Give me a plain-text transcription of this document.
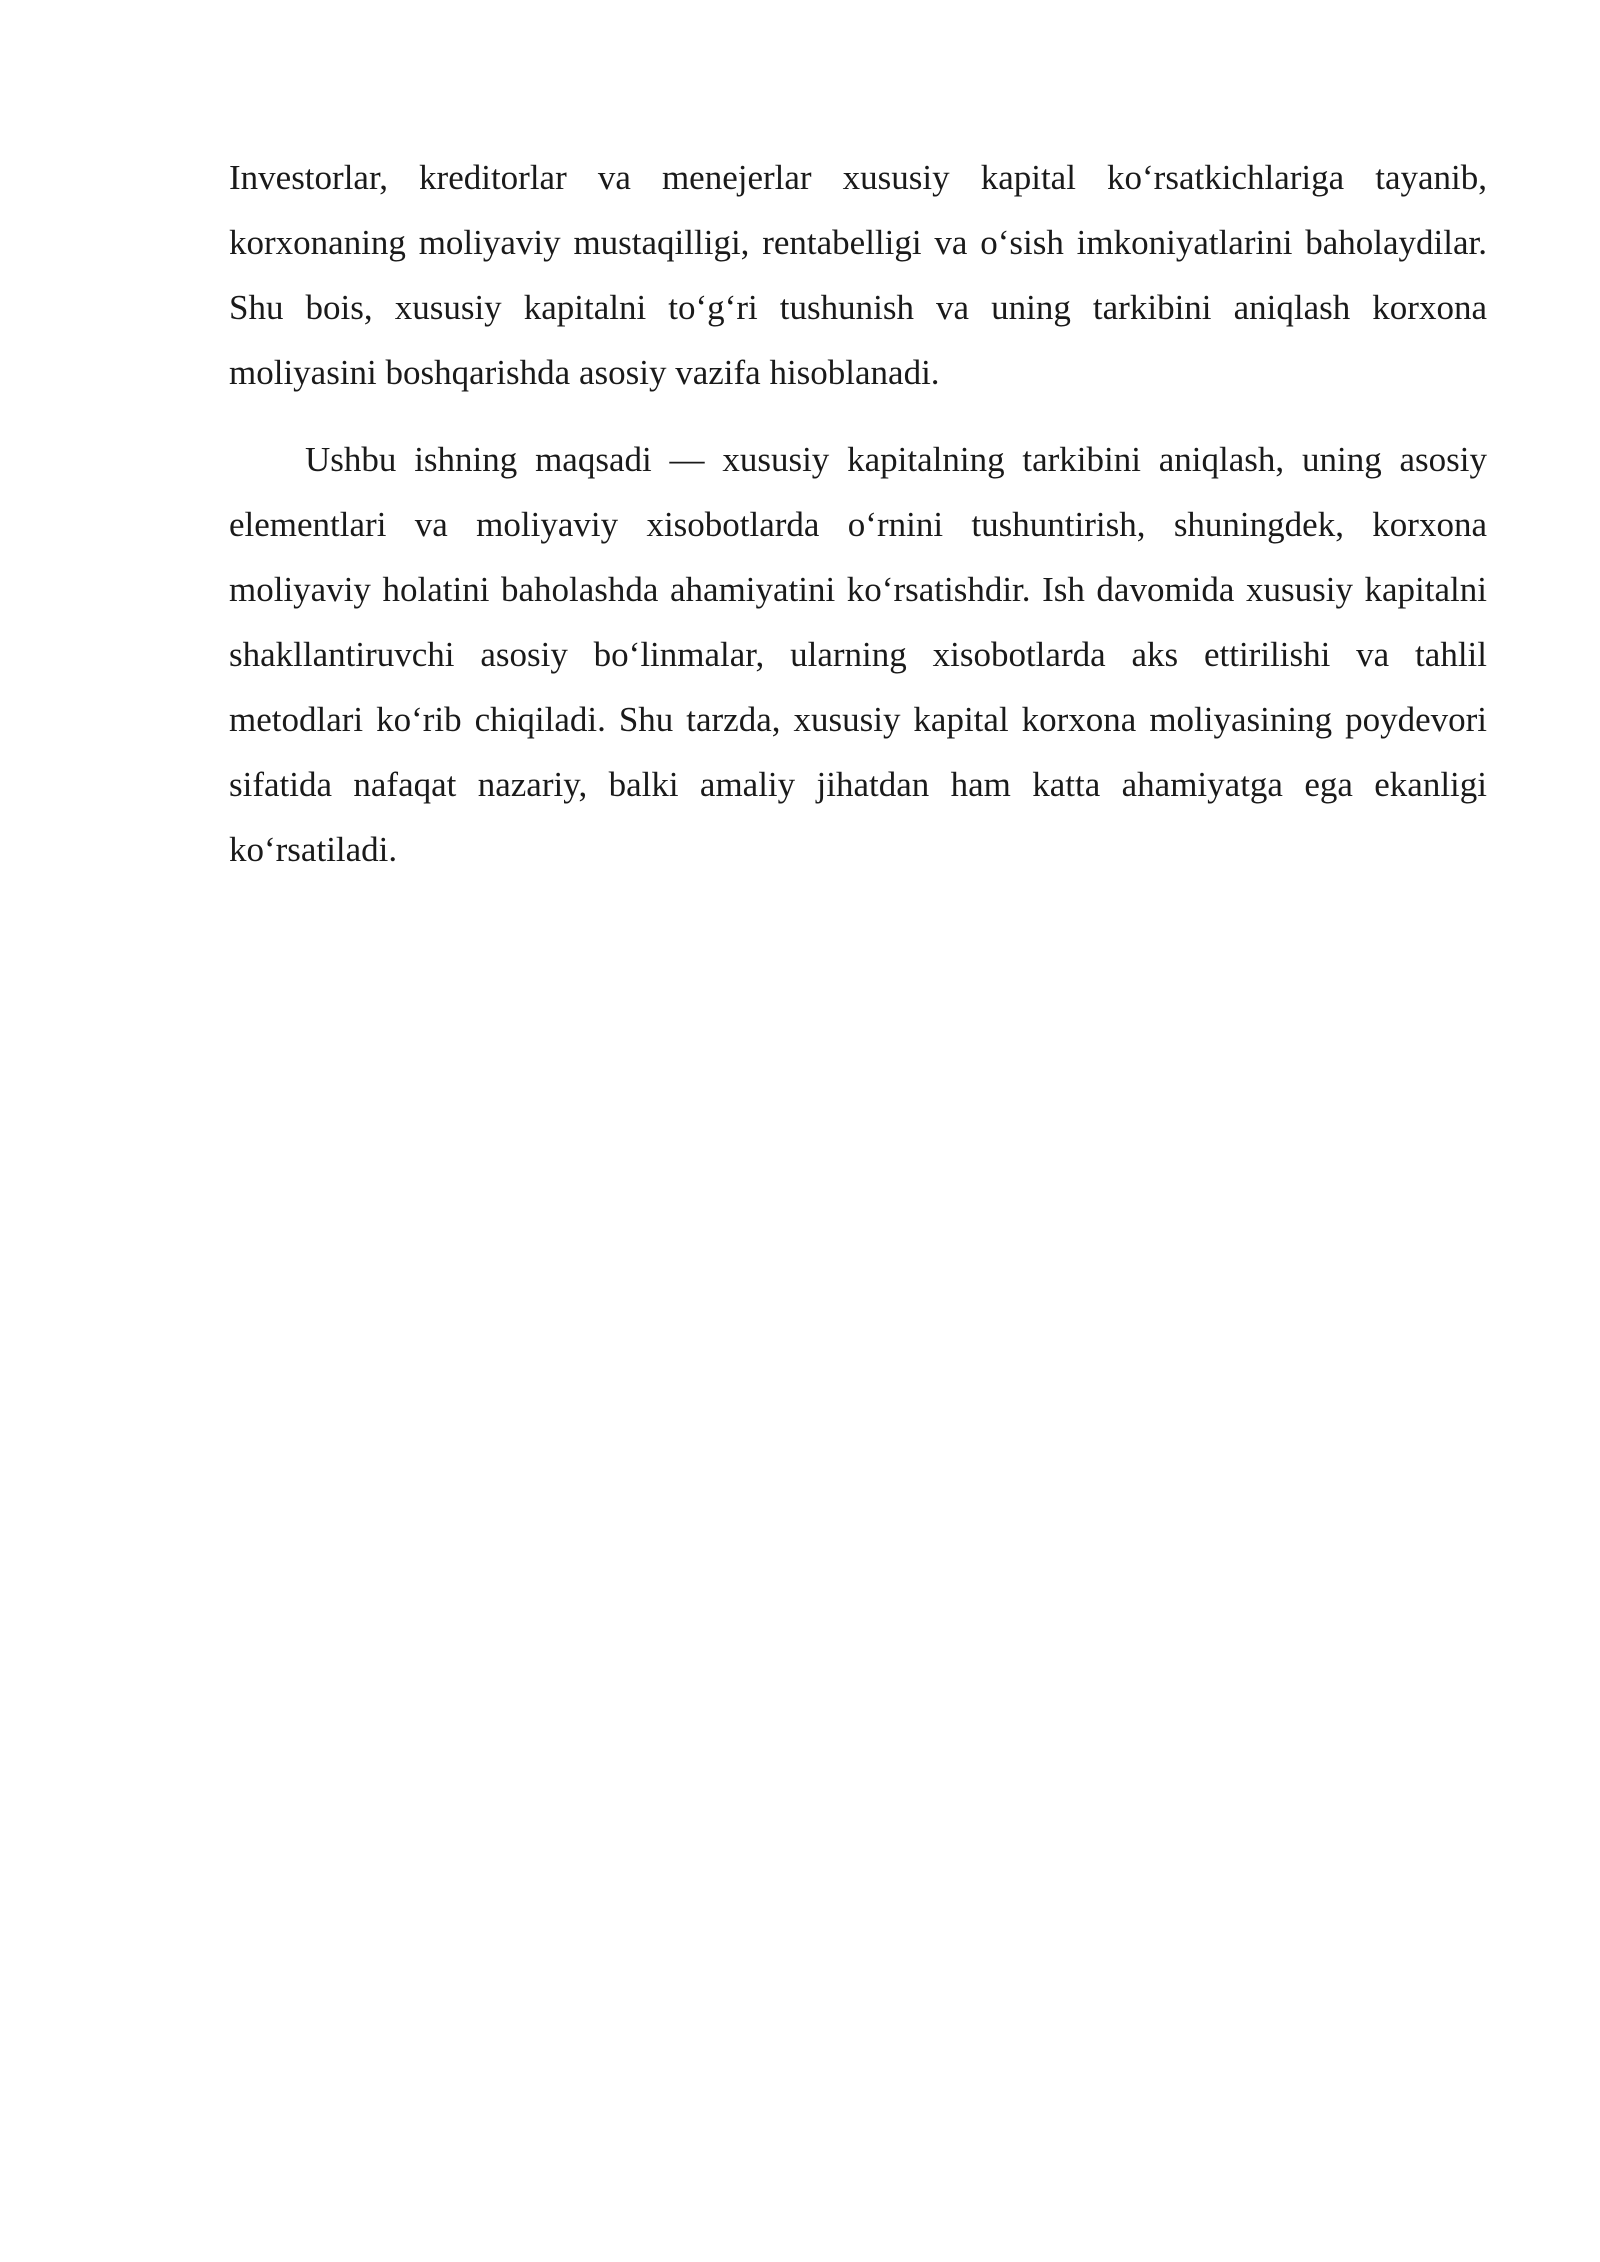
Investorlar, kreditorlar va menejerlar xususiy kapital ko‘rsatkichlariga tayanib, korxonaning moliyaviy mustaqilligi, rentabelligi va o‘sish imkoniyatlarini baholaydilar. Shu bois, xususiy kapitalni to‘g‘ri tushunish va uning tarkibini aniqlash korxona moliyasini boshqarishda asosiy vazifa hisoblanadi.

Ushbu ishning maqsadi — xususiy kapitalning tarkibini aniqlash, uning asosiy elementlari va moliyaviy xisobotlarda o‘rnini tushuntirish, shuningdek, korxona moliyaviy holatini baholashda ahamiyatini ko‘rsatishdir. Ish davomida xususiy kapitalni shakllantiruvchi asosiy bo‘linmalar, ularning xisobotlarda aks ettirilishi va tahlil metodlari ko‘rib chiqiladi. Shu tarzda, xususiy kapital korxona moliyasining poydevori sifatida nafaqat nazariy, balki amaliy jihatdan ham katta ahamiyatga ega ekanligi ko‘rsatiladi.
